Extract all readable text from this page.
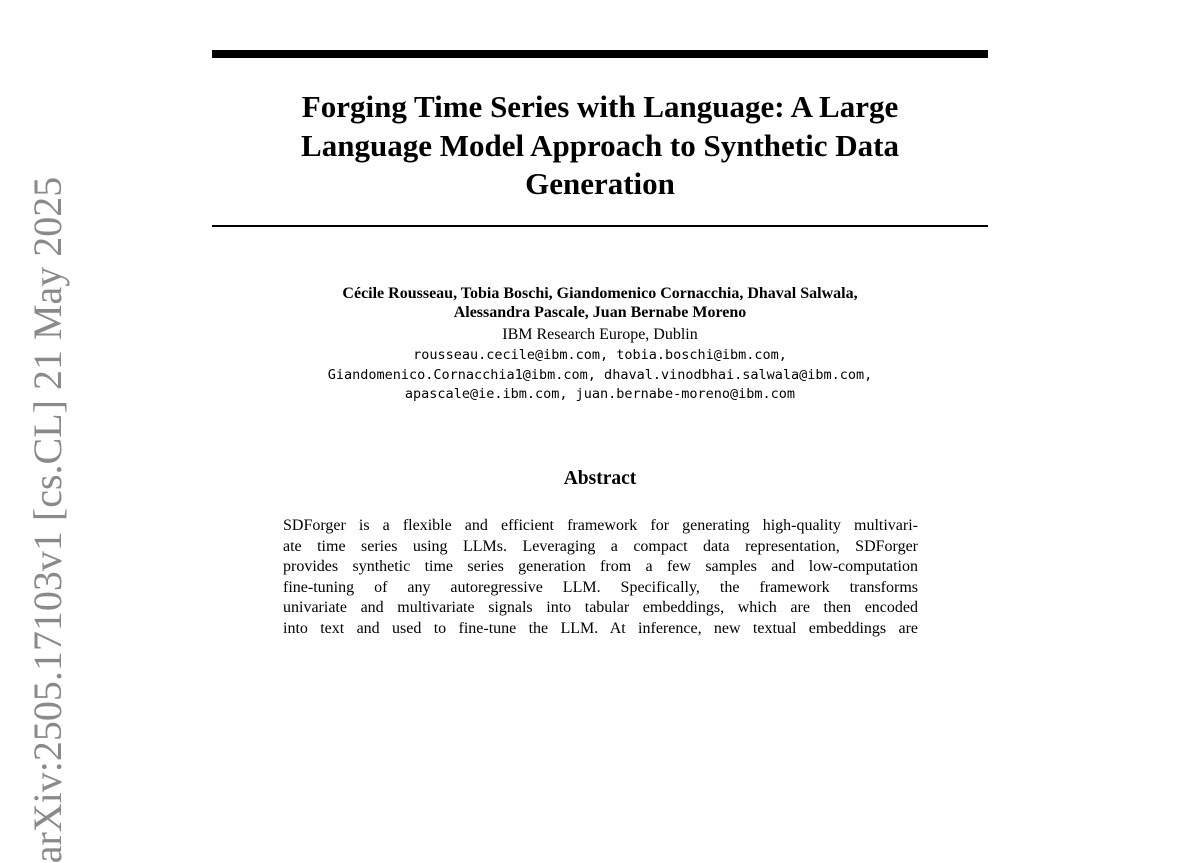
arXiv:2505.17103v1 [cs.CL] 21 May 2025
Forging Time Series with Language: A Large
Language Model Approach to Synthetic Data
Generation
Cécile Rousseau, Tobia Boschi, Giandomenico Cornacchia, Dhaval Salwala,
Alessandra Pascale, Juan Bernabe Moreno
IBM Research Europe, Dublin
rousseau.cecile@ibm.com, tobia.boschi@ibm.com,
Giandomenico.Cornacchia1@ibm.com, dhaval.vinodbhai.salwala@ibm.com,
apascale@ie.ibm.com, juan.bernabe-moreno@ibm.com
Abstract
SDForger is a flexible and efficient framework for generating high-quality multivari-
ate time series using LLMs. Leveraging a compact data representation, SDForger
provides synthetic time series generation from a few samples and low-computation
fine-tuning of any autoregressive LLM. Specifically, the framework transforms
univariate and multivariate signals into tabular embeddings, which are then encoded
into text and used to fine-tune the LLM. At inference, new textual embeddings are
